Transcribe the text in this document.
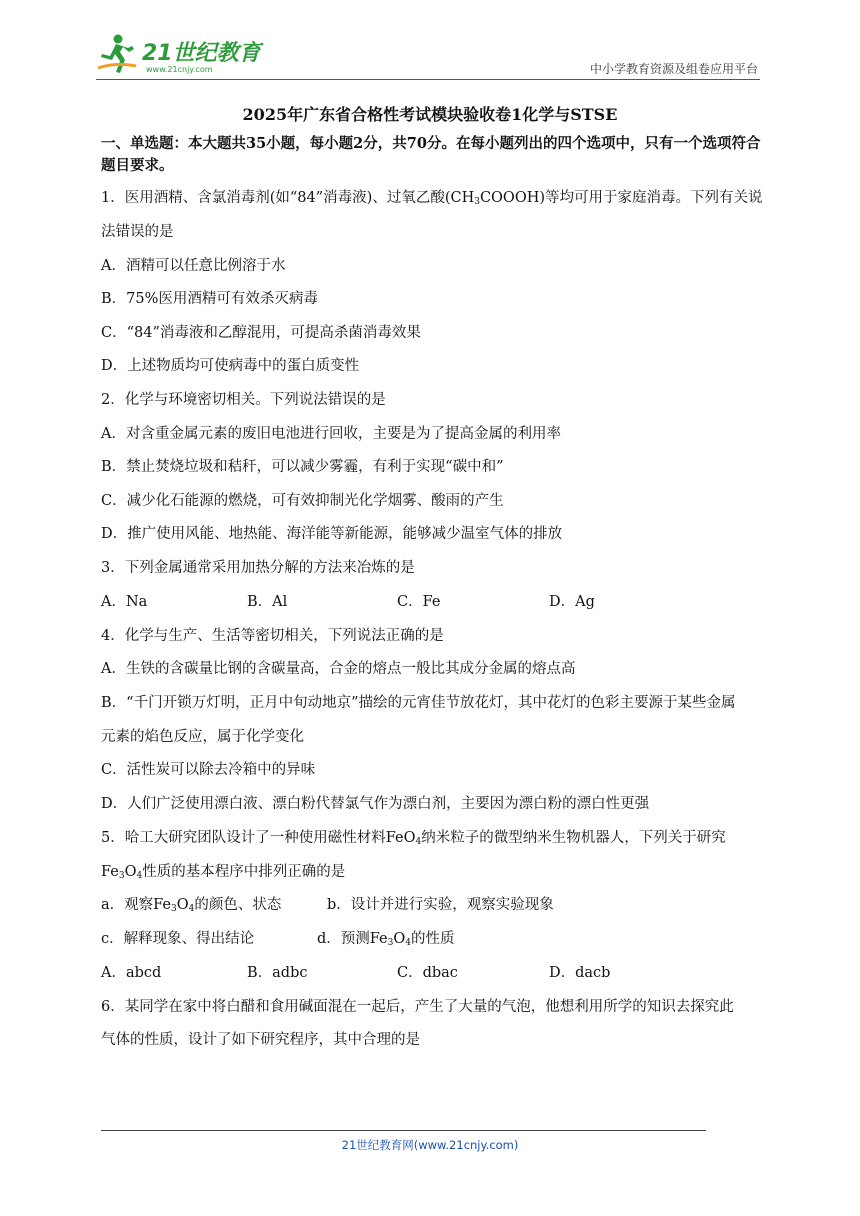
21世纪教育
www.21cnjy.com	中小学教育资源及组卷应用平台
2025年广东省合格性考试模块验收卷1化学与STSE
一、单选题：本大题共35小题，每小题2分，共70分。在每小题列出的四个选项中，只有一个选项符合题目要求。
1．医用酒精、含氯消毒剂(如“84”消毒液)、过氧乙酸$(CH_3COOOH)$等均可用于家庭消毒。下列有关说
法错误的是
A．酒精可以任意比例溶于水
B．75%医用酒精可有效杀灭病毒
C．“84”消毒液和乙醇混用，可提高杀菌消毒效果
D．上述物质均可使病毒中的蛋白质变性
2．化学与环境密切相关。下列说法错误的是
A．对含重金属元素的废旧电池进行回收，主要是为了提高金属的利用率
B．禁止焚烧垃圾和秸秆，可以减少雾霾，有利于实现“碳中和”
C．减少化石能源的燃烧，可有效抑制光化学烟雾、酸雨的产生
D．推广使用风能、地热能、海洋能等新能源，能够减少温室气体的排放
3．下列金属通常采用加热分解的方法来冶炼的是
A．Na	B．Al	C．Fe	D．Ag
4．化学与生产、生活等密切相关，下列说法正确的是
A．生铁的含碳量比钢的含碳量高，合金的熔点一般比其成分金属的熔点高
B．“千门开锁万灯明，正月中旬动地京”描绘的元宵佳节放花灯，其中花灯的色彩主要源于某些金属
元素的焰色反应，属于化学变化
C．活性炭可以除去冷箱中的异味
D．人们广泛使用漂白液、漂白粉代替氯气作为漂白剂，主要因为漂白粉的漂白性更强
5．哈工大研究团队设计了一种使用磁性材料FeO$_4$纳米粒子的微型纳米生物机器人，下列关于研究
$Fe_3O_4$性质的基本程序中排列正确的是
a．观察$Fe_3O_4$的颜色、状态	b．设计并进行实验，观察实验现象
c．解释现象、得出结论	d．预测$Fe_3O_4$的性质
A．abcd	B．adbc	C．dbac	D．dacb
6．某同学在家中将白醋和食用碱面混在一起后，产生了大量的气泡，他想利用所学的知识去探究此
气体的性质，设计了如下研究程序，其中合理的是
21世纪教育网(www.21cnjy.com)
